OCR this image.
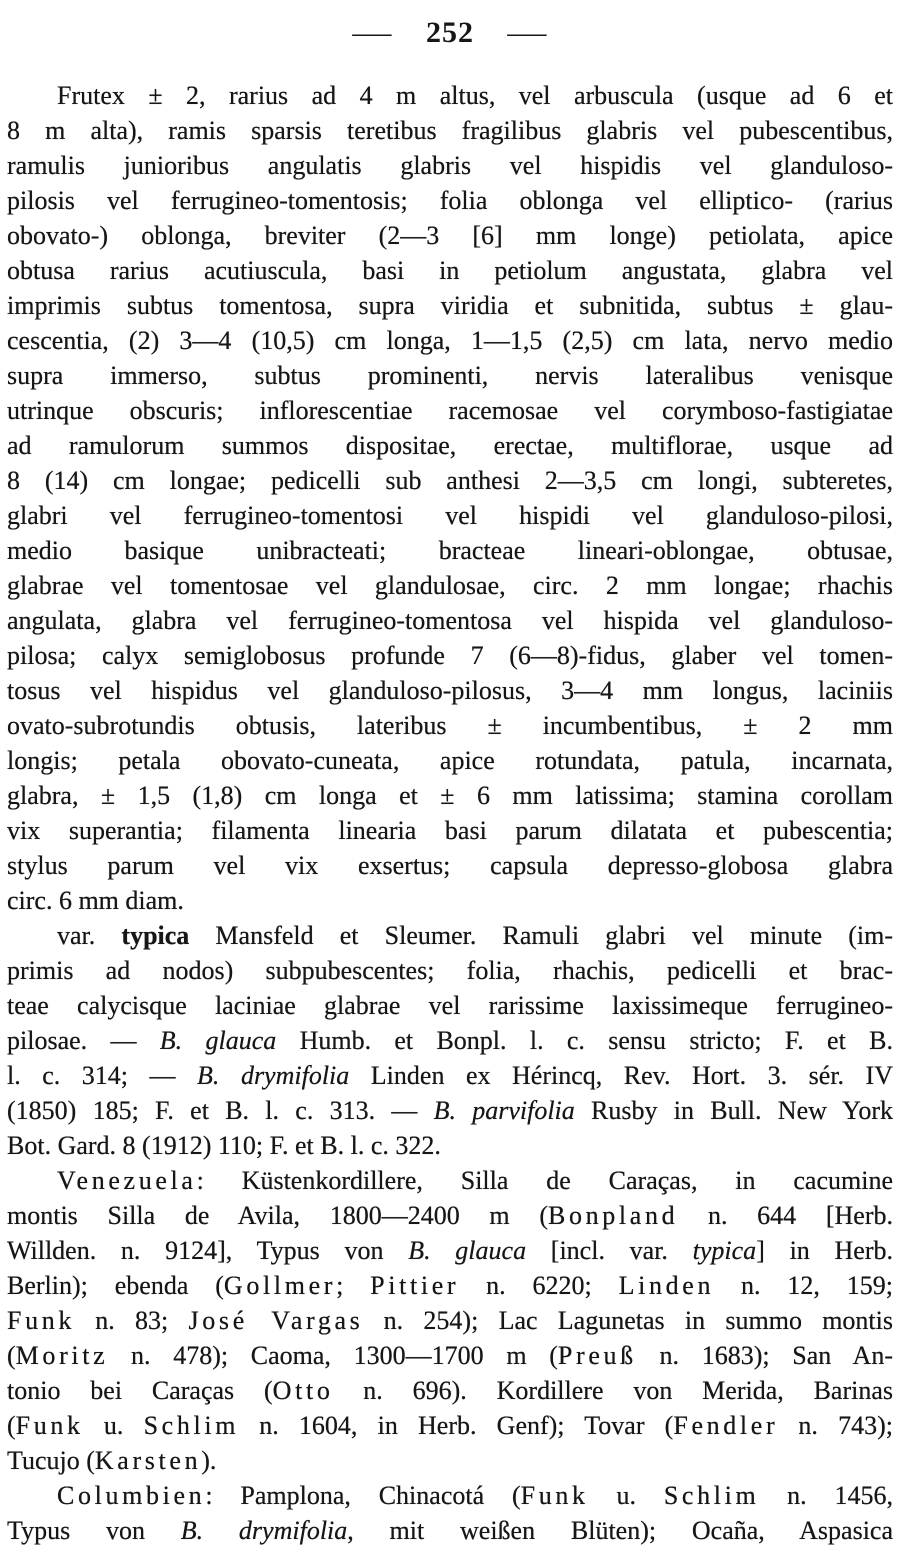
— 252 —
Frutex ± 2, rarius ad 4 m altus, vel arbuscula (usque ad 6 et
8 m alta), ramis sparsis teretibus fragilibus glabris vel pubescentibus,
ramulis junioribus angulatis glabris vel hispidis vel glanduloso-
pilosis vel ferrugineo-tomentosis; folia oblonga vel elliptico- (rarius
obovato-) oblonga, breviter (2—3 [6] mm longe) petiolata, apice
obtusa rarius acutiuscula, basi in petiolum angustata, glabra vel
imprimis subtus tomentosa, supra viridia et subnitida, subtus ± glau-
cescentia, (2) 3—4 (10,5) cm longa, 1—1,5 (2,5) cm lata, nervo medio
supra immerso, subtus prominenti, nervis lateralibus venisque
utrinque obscuris; inflorescentiae racemosae vel corymboso-fastigiatae
ad ramulorum summos dispositae, erectae, multiflorae, usque ad
8 (14) cm longae; pedicelli sub anthesi 2—3,5 cm longi, subteretes,
glabri vel ferrugineo-tomentosi vel hispidi vel glanduloso-pilosi,
medio basique unibracteati; bracteae lineari-oblongae, obtusae,
glabrae vel tomentosae vel glandulosae, circ. 2 mm longae; rhachis
angulata, glabra vel ferrugineo-tomentosa vel hispida vel glanduloso-
pilosa; calyx semiglobosus profunde 7 (6—8)-fidus, glaber vel tomen-
tosus vel hispidus vel glanduloso-pilosus, 3—4 mm longus, laciniis
ovato-subrotundis obtusis, lateribus ± incumbentibus, ± 2 mm
longis; petala obovato-cuneata, apice rotundata, patula, incarnata,
glabra, ± 1,5 (1,8) cm longa et ± 6 mm latissima; stamina corollam
vix superantia; filamenta linearia basi parum dilatata et pubescentia;
stylus parum vel vix exsertus; capsula depresso-globosa glabra
circ. 6 mm diam.
var. typica Mansfeld et Sleumer. Ramuli glabri vel minute (im-
primis ad nodos) subpubescentes; folia, rhachis, pedicelli et brac-
teae calycisque laciniae glabrae vel rarissime laxissimeque ferrugineo-
pilosae. — B. glauca Humb. et Bonpl. l. c. sensu stricto; F. et B.
l. c. 314; — B. drymifolia Linden ex Hérincq, Rev. Hort. 3. sér. IV
(1850) 185; F. et B. l. c. 313. — B. parvifolia Rusby in Bull. New York
Bot. Gard. 8 (1912) 110; F. et B. l. c. 322.
Venezuela: Küstenkordillere, Silla de Caraças, in cacumine
montis Silla de Avila, 1800—2400 m (Bonpland n. 644 [Herb.
Willden. n. 9124], Typus von B. glauca [incl. var. typica] in Herb.
Berlin); ebenda (Gollmer; Pittier n. 6220; Linden n. 12, 159;
Funk n. 83; José Vargas n. 254); Lac Lagunetas in summo montis
(Moritz n. 478); Caoma, 1300—1700 m (Preuß n. 1683); San An-
tonio bei Caraças (Otto n. 696). Kordillere von Merida, Barinas
(Funk u. Schlim n. 1604, in Herb. Genf); Tovar (Fendler n. 743);
Tucujo (Karsten).
Columbien: Pamplona, Chinacotá (Funk u. Schlim n. 1456,
Typus von B. drymifolia, mit weißen Blüten); Ocaña, Aspasica
